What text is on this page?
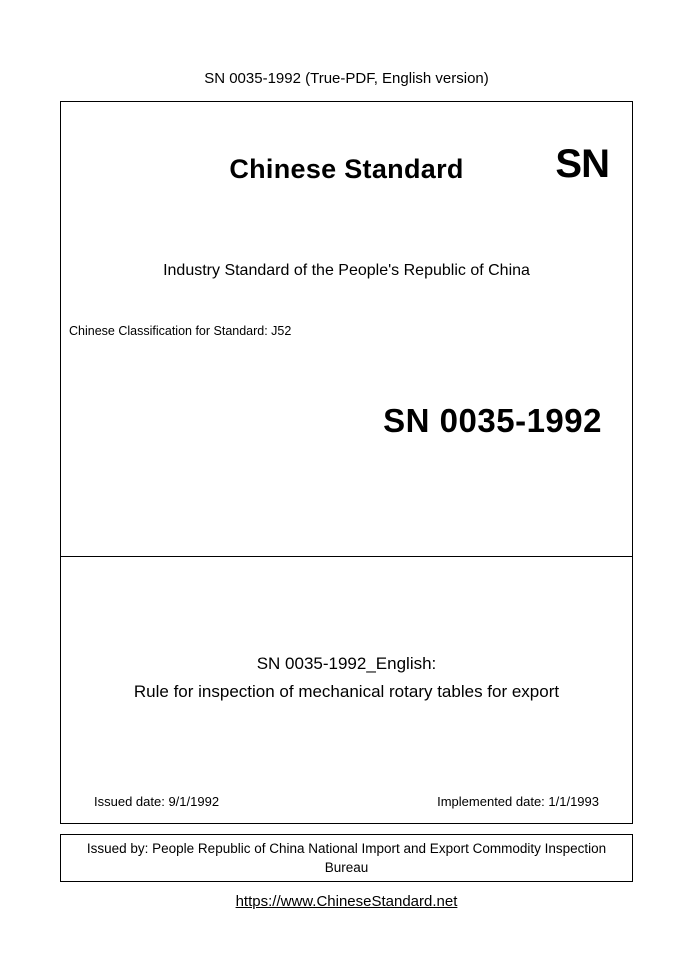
SN 0035-1992 (True-PDF, English version)
Chinese Standard	SN
Industry Standard of the People's Republic of China
Chinese Classification for Standard: J52
SN 0035-1992
SN 0035-1992_English:
Rule for inspection of mechanical rotary tables for export
Issued date: 9/1/1992	Implemented date: 1/1/1993
Issued by: People Republic of China National Import and Export Commodity Inspection Bureau
https://www.ChineseStandard.net
